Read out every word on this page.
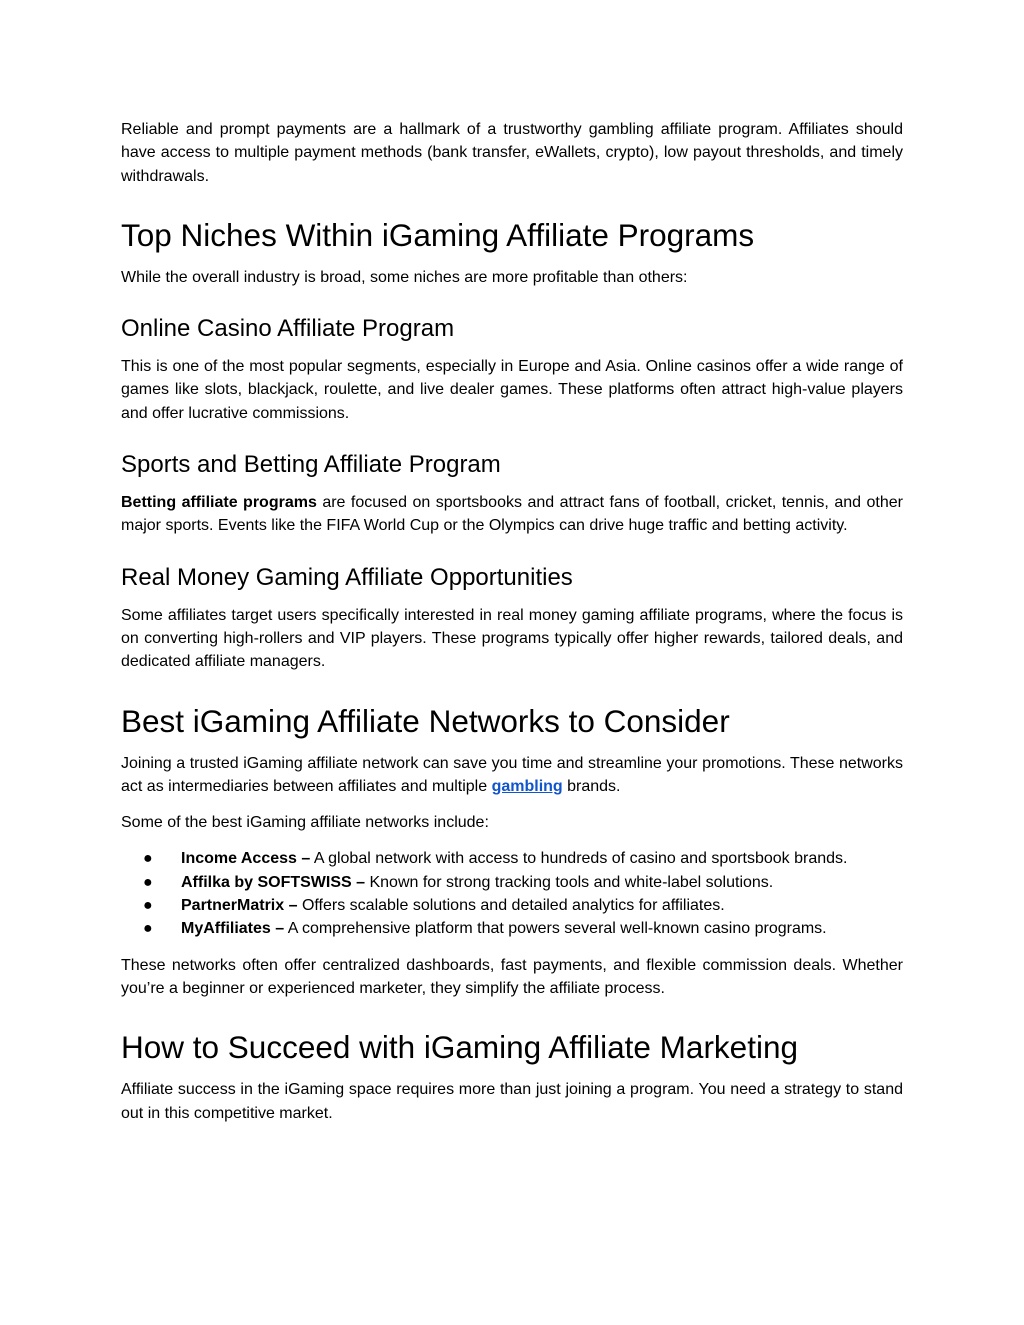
Reliable and prompt payments are a hallmark of a trustworthy gambling affiliate program. Affiliates should have access to multiple payment methods (bank transfer, eWallets, crypto), low payout thresholds, and timely withdrawals.

Top Niches Within iGaming Affiliate Programs

While the overall industry is broad, some niches are more profitable than others:

Online Casino Affiliate Program

This is one of the most popular segments, especially in Europe and Asia. Online casinos offer a wide range of games like slots, blackjack, roulette, and live dealer games. These platforms often attract high-value players and offer lucrative commissions.

Sports and Betting Affiliate Program

Betting affiliate programs are focused on sportsbooks and attract fans of football, cricket, tennis, and other major sports. Events like the FIFA World Cup or the Olympics can drive huge traffic and betting activity.

Real Money Gaming Affiliate Opportunities

Some affiliates target users specifically interested in real money gaming affiliate programs, where the focus is on converting high-rollers and VIP players. These programs typically offer higher rewards, tailored deals, and dedicated affiliate managers.

Best iGaming Affiliate Networks to Consider

Joining a trusted iGaming affiliate network can save you time and streamline your promotions. These networks act as intermediaries between affiliates and multiple gambling brands.

Some of the best iGaming affiliate networks include:

● Income Access – A global network with access to hundreds of casino and sportsbook brands.
● Affilka by SOFTSWISS – Known for strong tracking tools and white-label solutions.
● PartnerMatrix – Offers scalable solutions and detailed analytics for affiliates.
● MyAffiliates – A comprehensive platform that powers several well-known casino programs.

These networks often offer centralized dashboards, fast payments, and flexible commission deals. Whether you’re a beginner or experienced marketer, they simplify the affiliate process.

How to Succeed with iGaming Affiliate Marketing

Affiliate success in the iGaming space requires more than just joining a program. You need a strategy to stand out in this competitive market.
